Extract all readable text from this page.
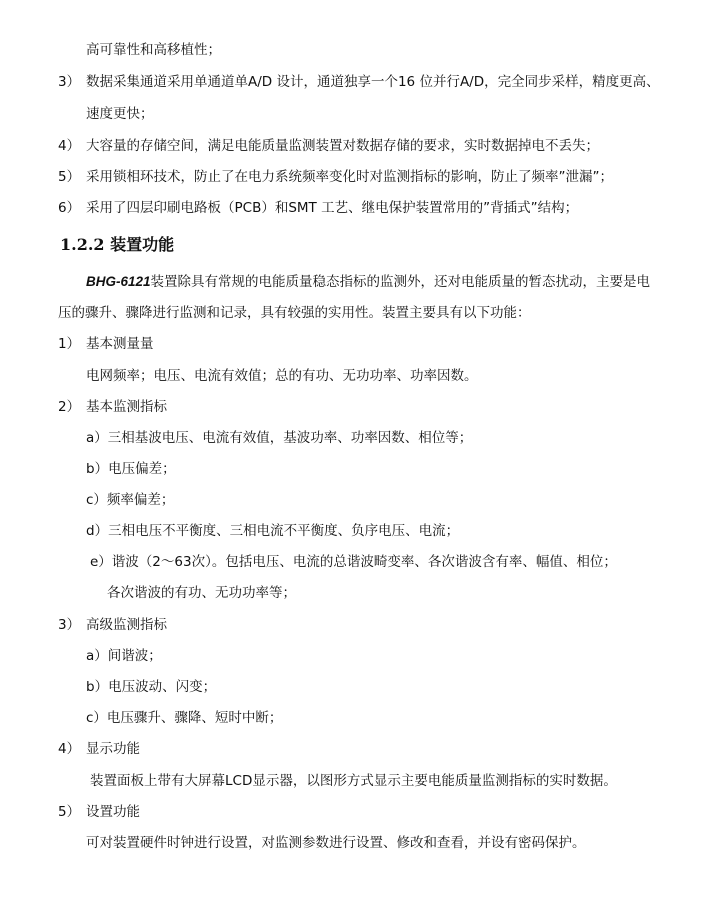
高可靠性和高移植性；
3） 数据采集通道采用单通道单A/D 设计，通道独享一个16 位并行A/D，完全同步采样，精度更高、
速度更快；
4） 大容量的存储空间，满足电能质量监测装置对数据存储的要求，实时数据掉电不丢失；
5） 采用锁相环技术，防止了在电力系统频率变化时对监测指标的影响，防止了频率”泄漏”；
6） 采用了四层印刷电路板（PCB）和SMT 工艺、继电保护装置常用的”背插式”结构；
1.2.2 装置功能
BHG-6121装置除具有常规的电能质量稳态指标的监测外，还对电能质量的暂态扰动，主要是电
压的骤升、骤降进行监测和记录，具有较强的实用性。装置主要具有以下功能：
1） 基本测量量
电网频率；电压、电流有效值；总的有功、无功功率、功率因数。
2） 基本监测指标
a）三相基波电压、电流有效值，基波功率、功率因数、相位等；
b）电压偏差；
c）频率偏差；
d）三相电压不平衡度、三相电流不平衡度、负序电压、电流；
e）谐波（2～63次）。包括电压、电流的总谐波畸变率、各次谐波含有率、幅值、相位；
各次谐波的有功、无功功率等；
3） 高级监测指标
a）间谐波；
b）电压波动、闪变；
c）电压骤升、骤降、短时中断；
4） 显示功能
装置面板上带有大屏幕LCD显示器，以图形方式显示主要电能质量监测指标的实时数据。
5） 设置功能
可对装置硬件时钟进行设置，对监测参数进行设置、修改和查看，并设有密码保护。
